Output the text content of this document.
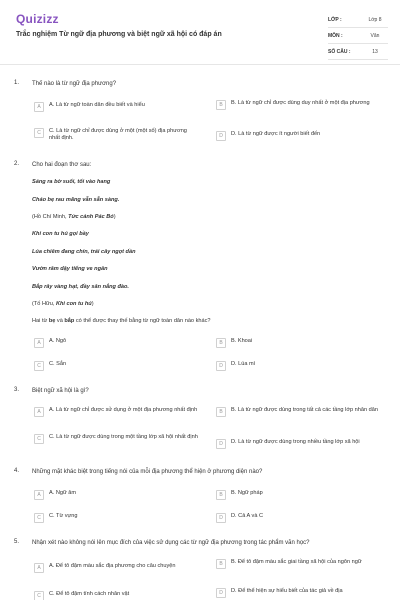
Quizizz
Trắc nghiệm Từ ngữ địa phương và biệt ngữ xã hội có đáp án
LỚP :	Lớp 8
MÔN :	Văn
SỐ CÂU :	13
1. Thế nào là từ ngữ địa phương?
A	A. Là từ ngữ toàn dân đều biết và hiểu	B	B. Là từ ngữ chỉ được dùng duy nhất ở một địa phương
C	C. Là từ ngữ chỉ được dùng ở một (một số) địa phương nhất định.	D	D. Là từ ngữ được ít người biết đến
2. Cho hai đoạn thơ sau:
Sáng ra bờ suối, tối vào hang
Cháo bẹ rau măng vẫn sẵn sàng.
(Hồ Chí Minh, Tức cảnh Pác Bó)
Khi con tu hú gọi bầy
Lúa chiêm đang chín, trái cây ngọt dần
Vườn râm dậy tiếng ve ngân
Bắp rây vàng hạt, đầy sân nắng đào.
(Tố Hữu, Khi con tu hú)
Hai từ bẹ và bắp có thể được thay thế bằng từ ngữ toàn dân nào khác?
A	A. Ngô	B	B. Khoai
C	C. Sắn	D	D. Lúa mì
3. Biệt ngữ xã hội là gì?
A	A. Là từ ngữ chỉ được sử dụng ở một địa phương nhất định	B	B. Là từ ngữ được dùng trong tất cả các tầng lớp nhân dân
C	C. Là từ ngữ được dùng trong một tầng lớp xã hội nhất định
D	D. Là từ ngữ được dùng trong nhiều tầng lớp xã hội
4. Những mặt khác biệt trong tiếng nói của mỗi địa phương thể hiện ở phương diện nào?
A	A. Ngữ âm	B	B. Ngữ pháp
C	C. Từ vựng	D	D. Cả A và C
5. Nhận xét nào không nói lên mục đích của việc sử dụng các từ ngữ địa phương trong tác phẩm văn học?
A	A. Để tô đậm màu sắc địa phương cho câu chuyện	B	B. Để tô đậm màu sắc giai tầng xã hội của ngôn ngữ
C	C. Để tô đậm tính cách nhân vật	D	D. Để thể hiện sự hiểu biết của tác giả về địa
